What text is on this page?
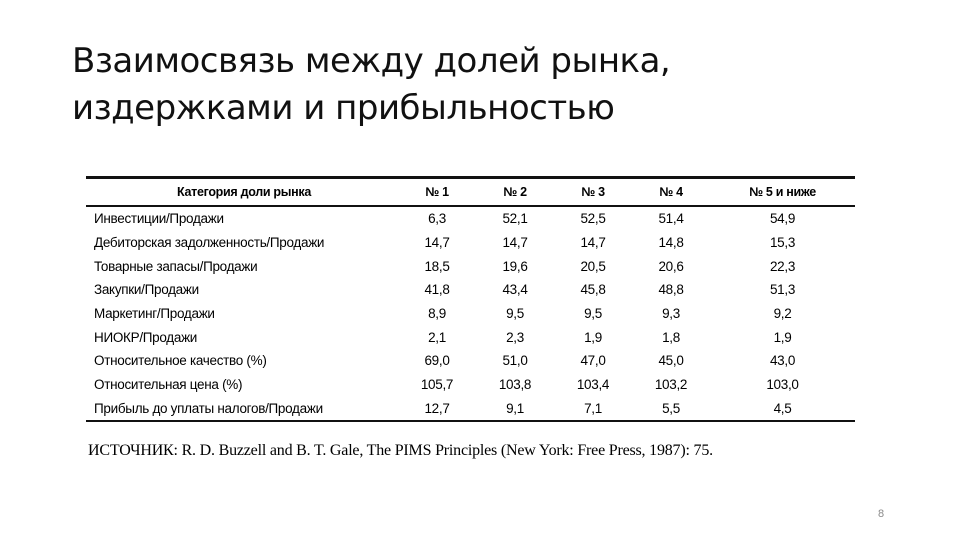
Взаимосвязь между долей рынка,
издержками и прибыльностью
Категория доли рынка	№ 1	№ 2	№ 3	№ 4	№ 5 и ниже
Инвестиции/Продажи	6,3	52,1	52,5	51,4	54,9
Дебиторская задолженность/Продажи	14,7	14,7	14,7	14,8	15,3
Товарные запасы/Продажи	18,5	19,6	20,5	20,6	22,3
Закупки/Продажи	41,8	43,4	45,8	48,8	51,3
Маркетинг/Продажи	8,9	9,5	9,5	9,3	9,2
НИОКР/Продажи	2,1	2,3	1,9	1,8	1,9
Относительное качество (%)	69,0	51,0	47,0	45,0	43,0
Относительная цена (%)	105,7	103,8	103,4	103,2	103,0
Прибыль до уплаты налогов/Продажи	12,7	9,1	7,1	5,5	4,5
ИСТОЧНИК: R. D. Buzzell and B. T. Gale, The PIMS Principles (New York: Free Press, 1987): 75.
8
